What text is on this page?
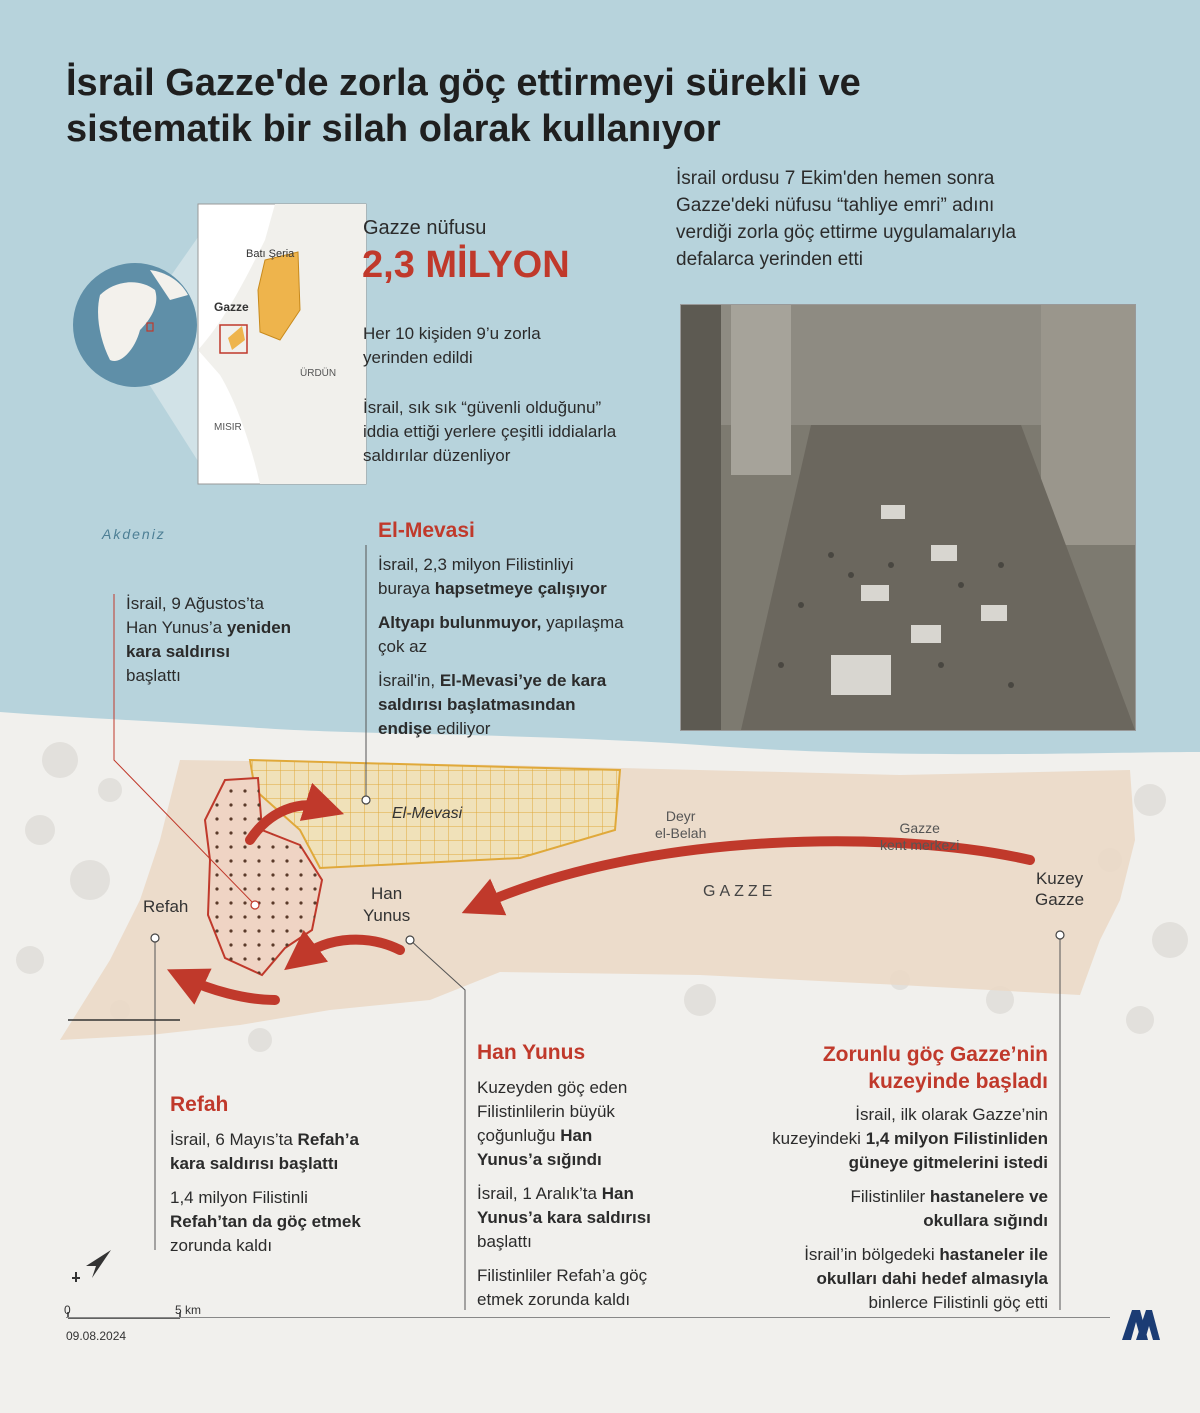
İsrail Gazze'de zorla göç ettirmeyi sürekli ve
sistematik bir silah olarak kullanıyor
İsrail ordusu 7 Ekim'den hemen sonra
Gazze'deki nüfusu “tahliye emri” adını
verdiği zorla göç ettirme uygulamalarıyla
defalarca yerinden etti
Batı Şeria
Gazze
ÜRDÜN
MISIR
Gazze nüfusu
2,3 MİLYON
Her 10 kişiden 9’u zorla
yerinden edildi
İsrail, sık sık “güvenli olduğunu”
iddia ettiği yerlere çeşitli iddialarla
saldırılar düzenliyor
Akdeniz	El-Mevasi
İsrail, 2,3 milyon Filistinliyi
buraya hapsetmeye çalışıyor
Altyapı bulunmuyor, yapılaşma
çok az
İsrail'in, El-Mevasi’ye de kara
saldırısı başlatmasından
endişe ediliyor
İsrail, 9 Ağustos’ta
Han Yunus’a yeniden
kara saldırısı
başlattı
El-Mevasi	Deyr
el-Belah	Gazze
kent merkezi
GAZZE
Kuzey
Gazze
Refah
Han
Yunus
Refah
İsrail, 6 Mayıs’ta Refah’a
kara saldırısı başlattı
1,4 milyon Filistinli
Refah’tan da göç etmek
zorunda kaldı
Han Yunus
Kuzeyden göç eden
Filistinlilerin büyük
çoğunluğu Han
Yunus’a sığındı
İsrail, 1 Aralık’ta Han
Yunus’a kara saldırısı
başlattı
Filistinliler Refah’a göç
etmek zorunda kaldı
Zorunlu göç Gazze’nin
kuzeyinde başladı
İsrail, ilk olarak Gazze’nin
kuzeyindeki 1,4 milyon Filistinliden
güneye gitmelerini istedi
Filistinliler hastanelere ve
okullara sığındı
İsrail’in bölgedeki hastaneler ile
okulları dahi hedef almasıyla
binlerce Filistinli göç etti
0	5 km
09.08.2024
